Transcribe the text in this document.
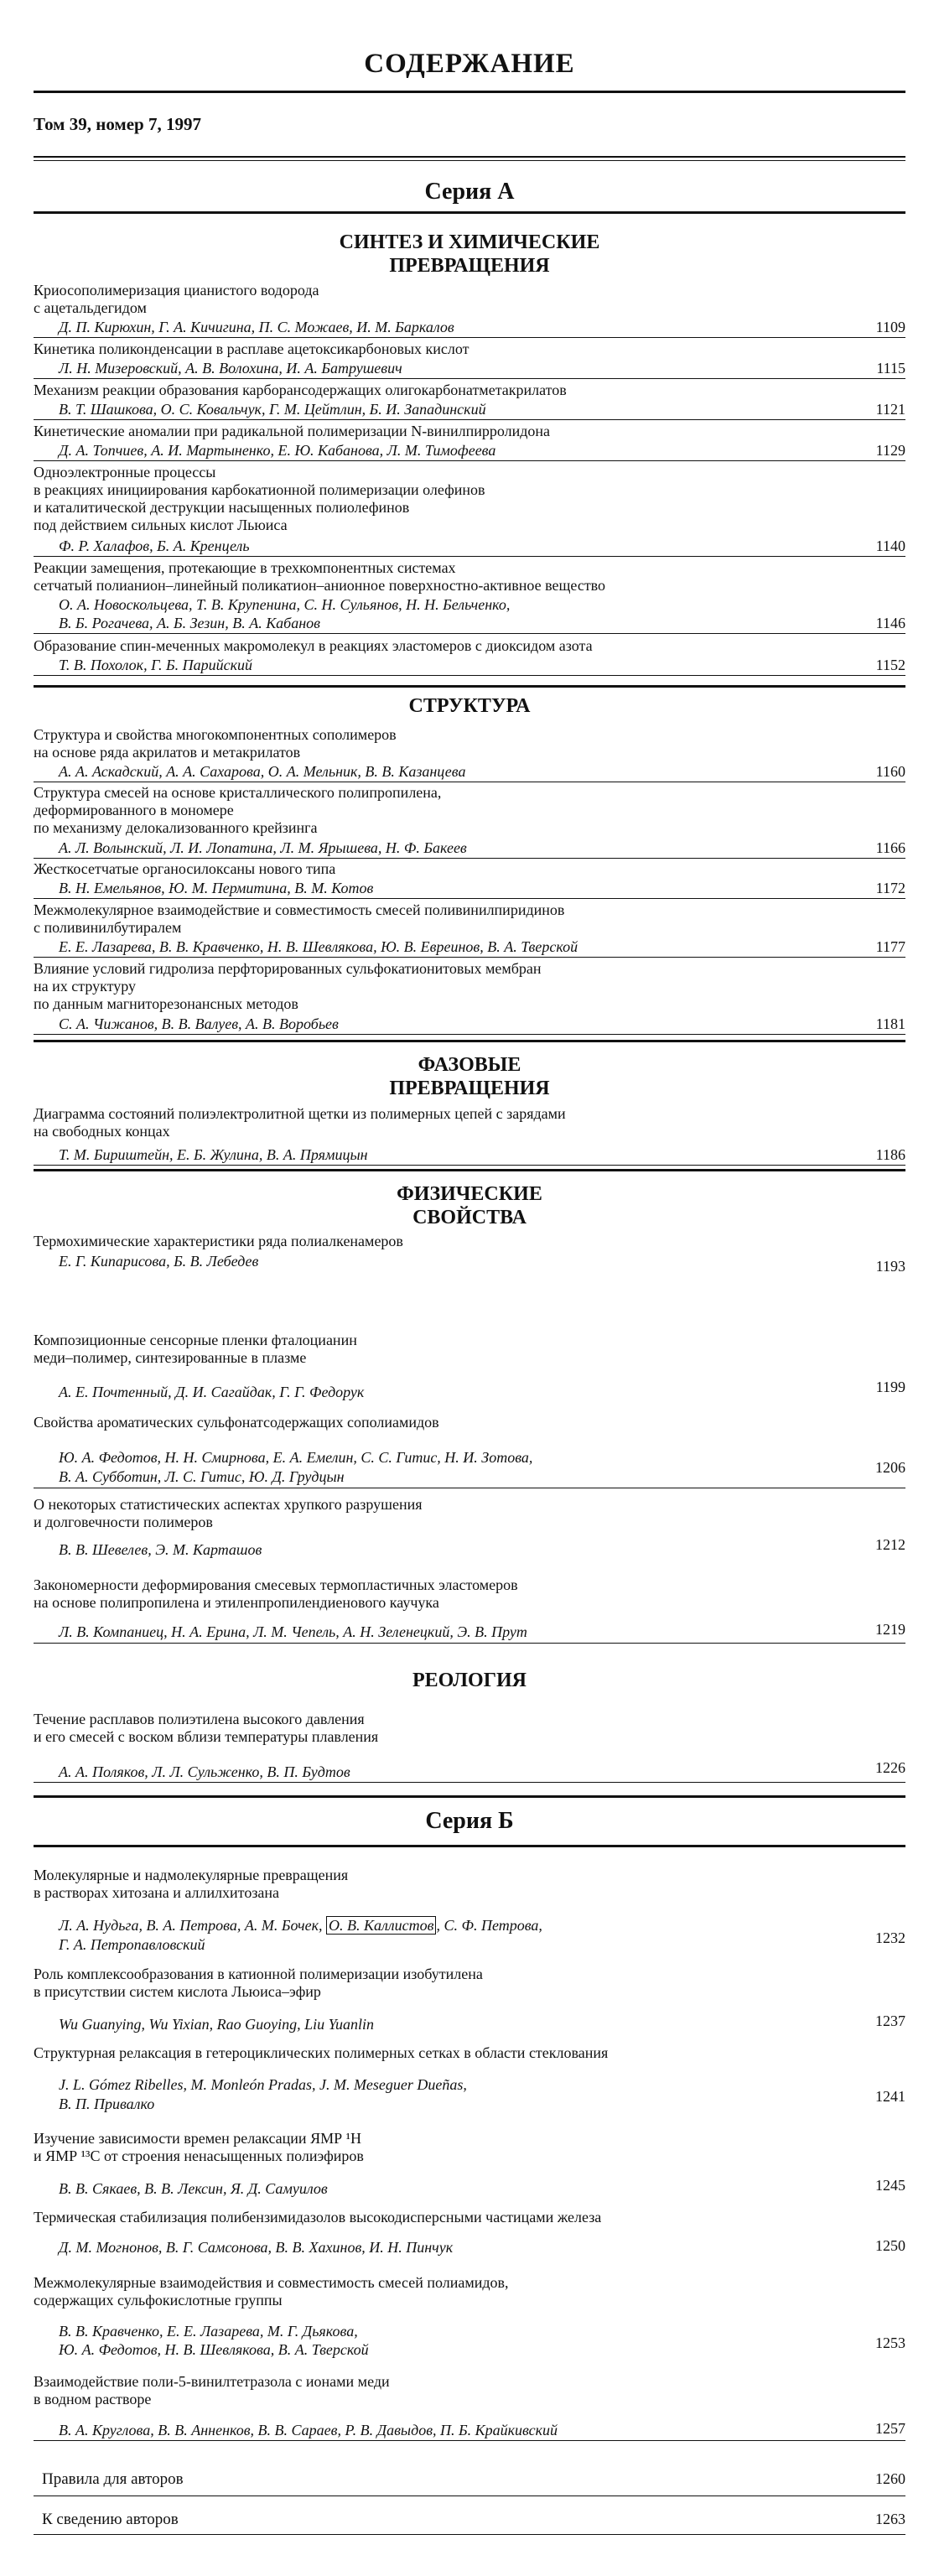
СОДЕРЖАНИЕ
Том 39, номер 7, 1997
Серия А
СИНТЕЗ И ХИМИЧЕСКИЕ
ПРЕВРАЩЕНИЯ
Криосополимеризация цианистого водорода
с ацетальдегидом
Д. П. Кирюхин, Г. А. Кичигина, П. С. Можаев, И. М. Баркалов	1109
Кинетика поликонденсации в расплаве ацетоксикарбоновых кислот
Л. Н. Мизеровский, А. В. Волохина, И. А. Батрушевич	1115
Механизм реакции образования карборансодержащих олигокарбонатметакрилатов
В. Т. Шашкова, О. С. Ковальчук, Г. М. Цейтлин, Б. И. Западинский	1121
Кинетические аномалии при радикальной полимеризации N-винилпирролидона
Д. А. Топчиев, А. И. Мартыненко, Е. Ю. Кабанова, Л. М. Тимофеева	1129
Одноэлектронные процессы
в реакциях инициирования карбокатионной полимеризации олефинов
и каталитической деструкции насыщенных полиолефинов
под действием сильных кислот Льюиса
Ф. Р. Халафов, Б. А. Кренцель	1140
Реакции замещения, протекающие в трехкомпонентных системах
сетчатый полианион–линейный поликатион–анионное поверхностно-активное вещество
О. А. Новоскольцева, Т. В. Крупенина, С. Н. Сульянов, Н. Н. Бельченко,
В. Б. Рогачева, А. Б. Зезин, В. А. Кабанов	1146
Образование спин-меченных макромолекул в реакциях эластомеров с диоксидом азота
Т. В. Похолок, Г. Б. Парийский	1152
СТРУКТУРА
Структура и свойства многокомпонентных сополимеров
на основе ряда акрилатов и метакрилатов
А. А. Аскадский, А. А. Сахарова, О. А. Мельник, В. В. Казанцева	1160
Структура смесей на основе кристаллического полипропилена,
деформированного в мономере
по механизму делокализованного крейзинга
А. Л. Волынский, Л. И. Лопатина, Л. М. Ярышева, Н. Ф. Бакеев	1166
Жесткосетчатые органосилоксаны нового типа
В. Н. Емельянов, Ю. М. Пермитина, В. М. Котов	1172
Межмолекулярное взаимодействие и совместимость смесей поливинилпиридинов
с поливинилбутиралем
Е. Е. Лазарева, В. В. Кравченко, Н. В. Шевлякова, Ю. В. Евреинов, В. А. Тверской	1177
Влияние условий гидролиза перфторированных сульфокатионитовых мембран
на их структуру
по данным магниторезонансных методов
С. А. Чижанов, В. В. Валуев, А. В. Воробьев	1181
ФАЗОВЫЕ
ПРЕВРАЩЕНИЯ
Диаграмма состояний полиэлектролитной щетки из полимерных цепей с зарядами
на свободных концах
Т. М. Бириштейн, Е. Б. Жулина, В. А. Прямицын	1186
ФИЗИЧЕСКИЕ
СВОЙСТВА
Термохимические характеристики ряда полиалкенамеров
Е. Г. Кипарисова, Б. В. Лебедев	1193
Композиционные сенсорные пленки фталоцианин
меди–полимер, синтезированные в плазме
А. Е. Почтенный, Д. И. Сагайдак, Г. Г. Федорук	1199
Свойства ароматических сульфонатсодержащих сополиамидов
Ю. А. Федотов, Н. Н. Смирнова, Е. А. Емелин, С. С. Гитис, Н. И. Зотова,
В. А. Субботин, Л. С. Гитис, Ю. Д. Грудцын
1206
О некоторых статистических аспектах хрупкого разрушения
и долговечности полимеров
В. В. Шевелев, Э. М. Карташов	1212
Закономерности деформирования смесевых термопластичных эластомеров
на основе полипропилена и этиленпропилендиенового каучука
Л. В. Компаниец, Н. А. Ерина, Л. М. Чепель, А. Н. Зеленецкий, Э. В. Прут	1219
РЕОЛОГИЯ
Течение расплавов полиэтилена высокого давления
и его смесей с воском вблизи температуры плавления
А. А. Поляков, Л. Л. Сульженко, В. П. Будтов	1226
Серия Б
Молекулярные и надмолекулярные превращения
в растворах хитозана и аллилхитозана
Л. А. Нудьга, В. А. Петрова, А. М. Бочек, О. В. Каллистов , С. Ф. Петрова,
Г. А. Петропавловский	1232
Роль комплексообразования в катионной полимеризации изобутилена
в присутствии систем кислота Льюиса–эфир
Wu Guanying, Wu Yixian, Rao Guoying, Liu Yuanlin	1237
Структурная релаксация в гетероциклических полимерных сетках в области стеклования
J. L. Gómez Ribelles, M. Monleón Pradas, J. M. Meseguer Dueñas,
В. П. Привалко	1241
Изучение зависимости времен релаксации ЯМР ¹H
и ЯМР ¹³C от строения ненасыщенных полиэфиров
В. В. Сякаев, В. В. Лексин, Я. Д. Самуилов	1245
Термическая стабилизация полибензимидазолов высокодисперсными частицами железа
Д. М. Могнонов, В. Г. Самсонова, В. В. Хахинов, И. Н. Пинчук	1250
Межмолекулярные взаимодействия и совместимость смесей полиамидов,
содержащих сульфокислотные группы
В. В. Кравченко, Е. Е. Лазарева, М. Г. Дьякова,
Ю. А. Федотов, Н. В. Шевлякова, В. А. Тверской	1253
Взаимодействие поли-5-винилтетразола с ионами меди
в водном растворе
В. А. Круглова, В. В. Анненков, В. В. Сараев, Р. В. Давыдов, П. Б. Крайкивский	1257
Правила для авторов	1260
К сведению авторов	1263
